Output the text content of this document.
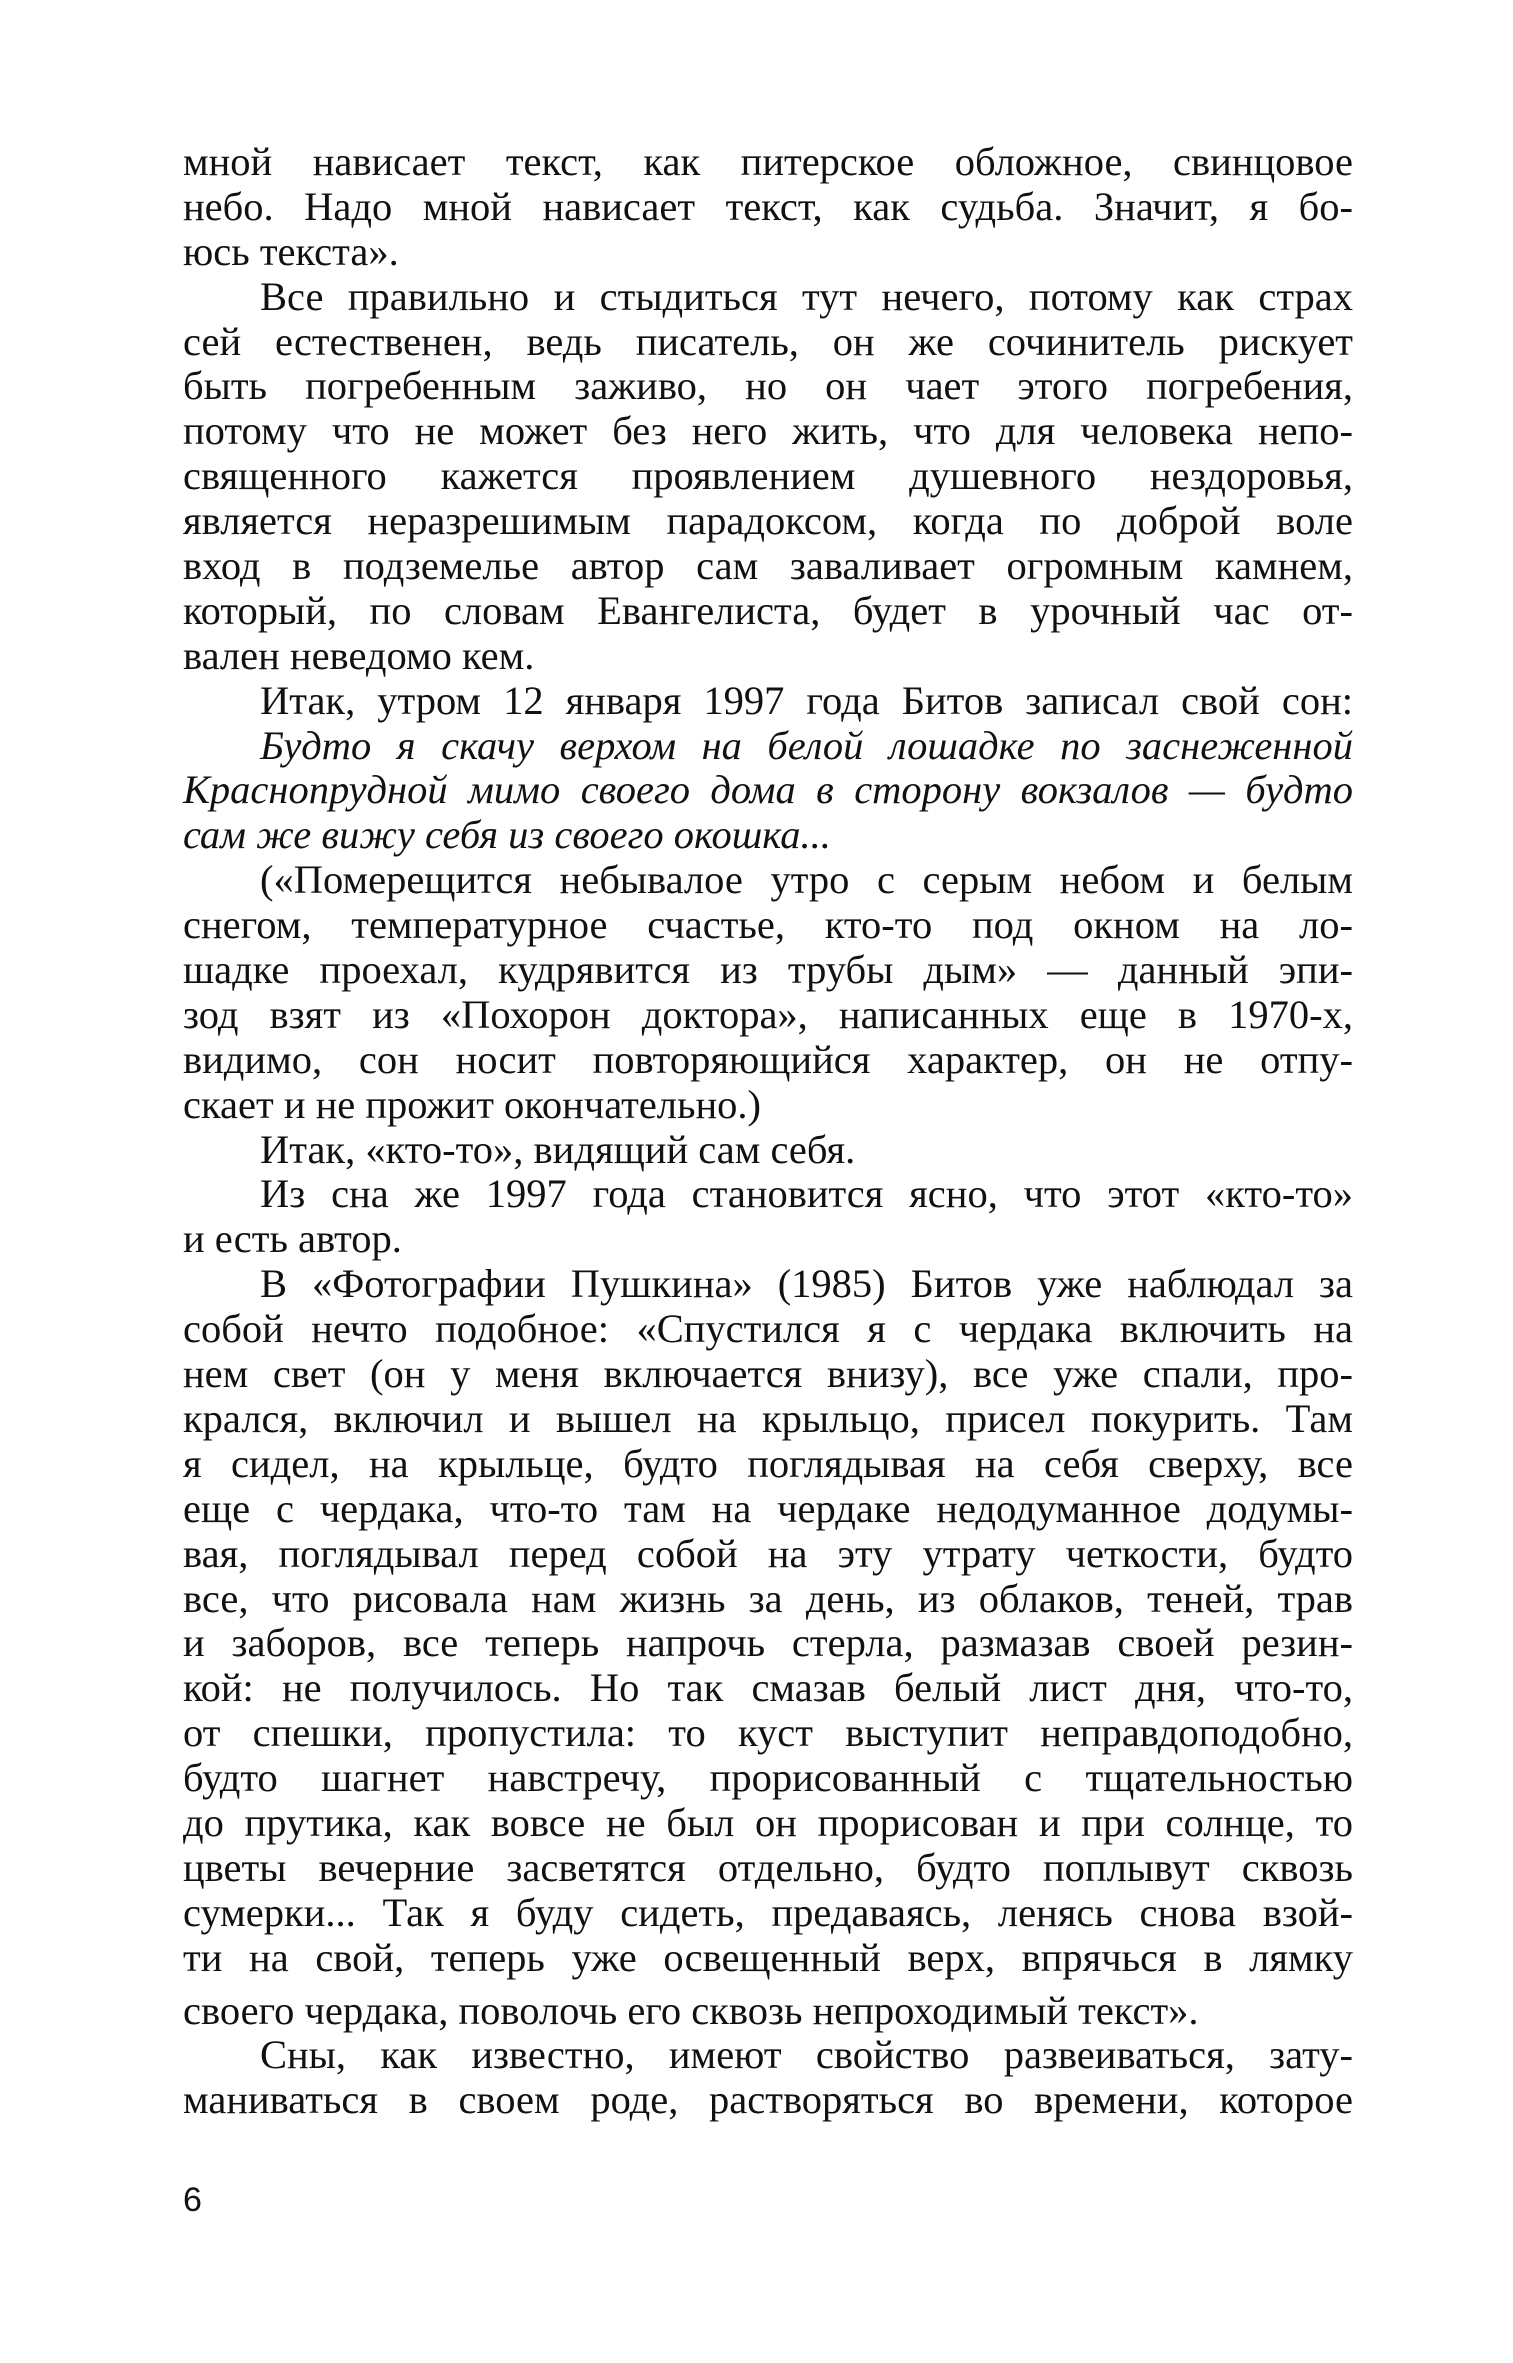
мной нависает текст, как питерское обложное, свинцовое
небо. Надо мной нависает текст, как судьба. Значит, я бо-
юсь текста».
Все правильно и стыдиться тут нечего, потому как страх
сей естественен, ведь писатель, он же сочинитель рискует
быть погребенным заживо, но он чает этого погребения,
потому что не может без него жить, что для человека непо-
священного кажется проявлением душевного нездоровья,
является неразрешимым парадоксом, когда по доброй воле
вход в подземелье автор сам заваливает огромным камнем,
который, по словам Евангелиста, будет в урочный час от-
вален неведомо кем.
Итак, утром 12 января 1997 года Битов записал свой сон:
Будто я скачу верхом на белой лошадке по заснеженной
Краснопрудной мимо своего дома в сторону вокзалов — будто
сам же вижу себя из своего окошка...
(«Померещится небывалое утро с серым небом и белым
снегом, температурное счастье, кто-то под окном на ло-
шадке проехал, кудрявится из трубы дым» — данный эпи-
зод взят из «Похорон доктора», написанных еще в 1970-х,
видимо, сон носит повторяющийся характер, он не отпу-
скает и не прожит окончательно.)
Итак, «кто-то», видящий сам себя.
Из сна же 1997 года становится ясно, что этот «кто-то»
и есть автор.
В «Фотографии Пушкина» (1985) Битов уже наблюдал за
собой нечто подобное: «Спустился я с чердака включить на
нем свет (он у меня включается внизу), все уже спали, про-
крался, включил и вышел на крыльцо, присел покурить. Там
я сидел, на крыльце, будто поглядывая на себя сверху, все
еще с чердака, что-то там на чердаке недодуманное додумы-
вая, поглядывал перед собой на эту утрату четкости, будто
все, что рисовала нам жизнь за день, из облаков, теней, трав
и заборов, все теперь напрочь стерла, размазав своей резин-
кой: не получилось. Но так смазав белый лист дня, что-то,
от спешки, пропустила: то куст выступит неправдоподобно,
будто шагнет навстречу, прорисованный с тщательностью
до прутика, как вовсе не был он прорисован и при солнце, то
цветы вечерние засветятся отдельно, будто поплывут сквозь
сумерки... Так я буду сидеть, предаваясь, ленясь снова взой-
ти на свой, теперь уже освещенный верх, впрячься в лямку
своего чердака, поволочь его сквозь непроходимый текст».
Сны, как известно, имеют свойство развеиваться, зату-
маниваться в своем роде, растворяться во времени, которое
6
